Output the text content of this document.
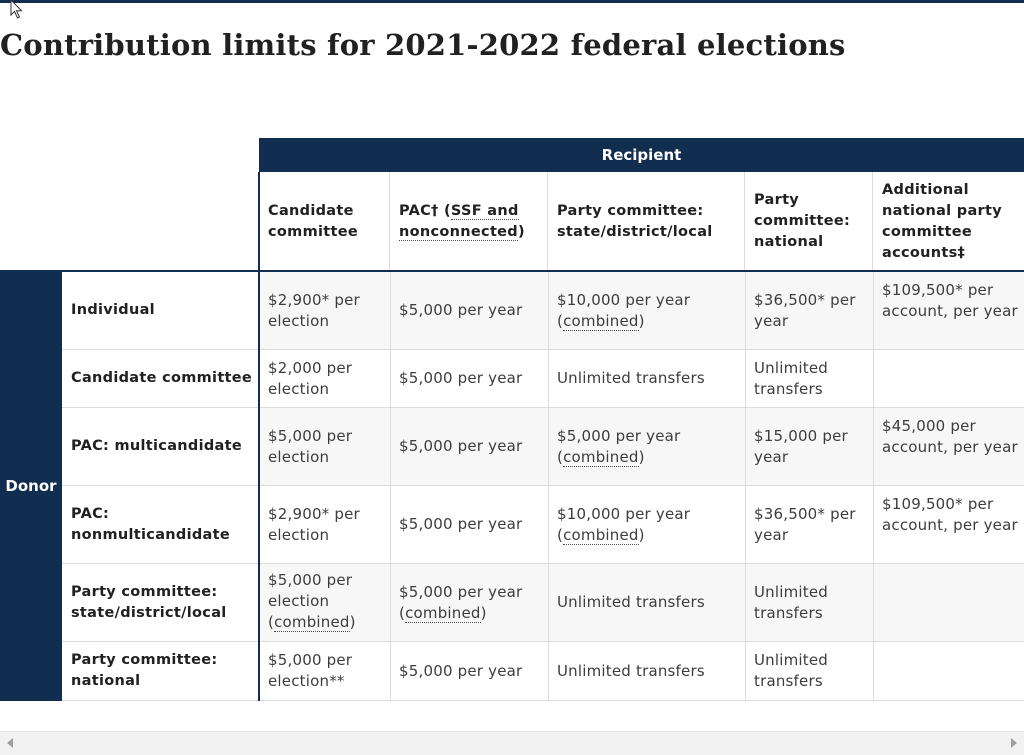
Contribution limits for 2021-2022 federal elections
Recipient
Candidate committee
PAC† (SSF and nonconnected)
Party committee: state/district/local
Party committee: national
Additional national party committee accounts‡
Donor
Individual
$2,900* per election
$5,000 per year
$10,000 per year (combined)
$36,500* per year
$109,500* per account, per year
Candidate committee
$2,000 per election
$5,000 per year Unlimited transfers
Unlimited transfers
PAC: multicandidate
$5,000 per election
$5,000 per year
$5,000 per year (combined)
$15,000 per year
$45,000 per account, per year
PAC: nonmulticandidate
$2,900* per election
$5,000 per year
$10,000 per year (combined)
$36,500* per year
$109,500* per account, per year
Party committee: state/district/local
$5,000 per election (combined)
$5,000 per year (combined)
Unlimited transfers
Unlimited transfers
Party committee: national
$5,000 per election**
$5,000 per year Unlimited transfers
Unlimited transfers
